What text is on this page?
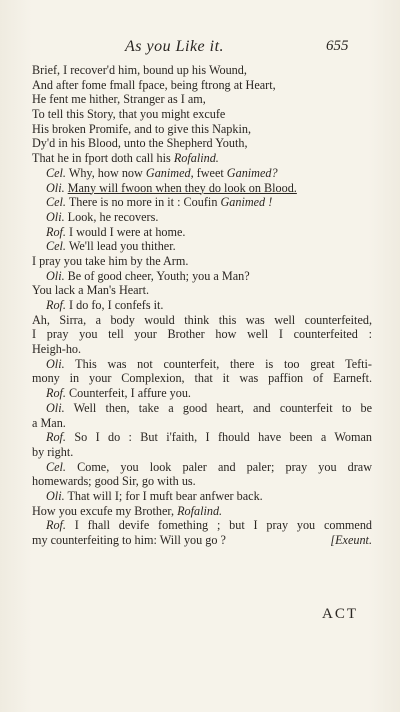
As you Like it.	655
Brief, I recover'd him, bound up his Wound,
And after fome fmall fpace, being ftrong at Heart,
He fent me hither, Stranger as I am,
To tell this Story, that you might excufe
His broken Promife, and to give this Napkin,
Dy'd in his Blood, unto the Shepherd Youth,
That he in fport doth call his Rofalind.
Cel. Why, how now Ganimed, fweet Ganimed?
Oli. Many will fwoon when they do look on Blood.
Cel. There is no more in it : Coufin Ganimed !
Oli. Look, he recovers.
Rof. I would I were at home.
Cel. We'll lead you thither.
I pray you take him by the Arm.
Oli. Be of good cheer, Youth; you a Man?
You lack a Man's Heart.
Rof. I do fo, I confefs it.
Ah, Sirra, a body would think this was well counterfeited,
I pray you tell your Brother how well I counterfeited :
Heigh-ho.
Oli. This was not counterfeit, there is too great Tefti-
mony in your Complexion, that it was paffion of Earneft.
Rof. Counterfeit, I affure you.
Oli. Well then, take a good heart, and counterfeit to be
a Man.
Rof. So I do : But i'faith, I fhould have been a Woman
by right.
Cel. Come, you look paler and paler; pray you draw
homewards; good Sir, go with us.
Oli. That will I; for I muft bear anfwer back.
How you excufe my Brother, Rofalind.
Rof. I fhall devife fomething ; but I pray you commend
[Exeunt.
my counterfeiting to him: Will you go ?
ACT
